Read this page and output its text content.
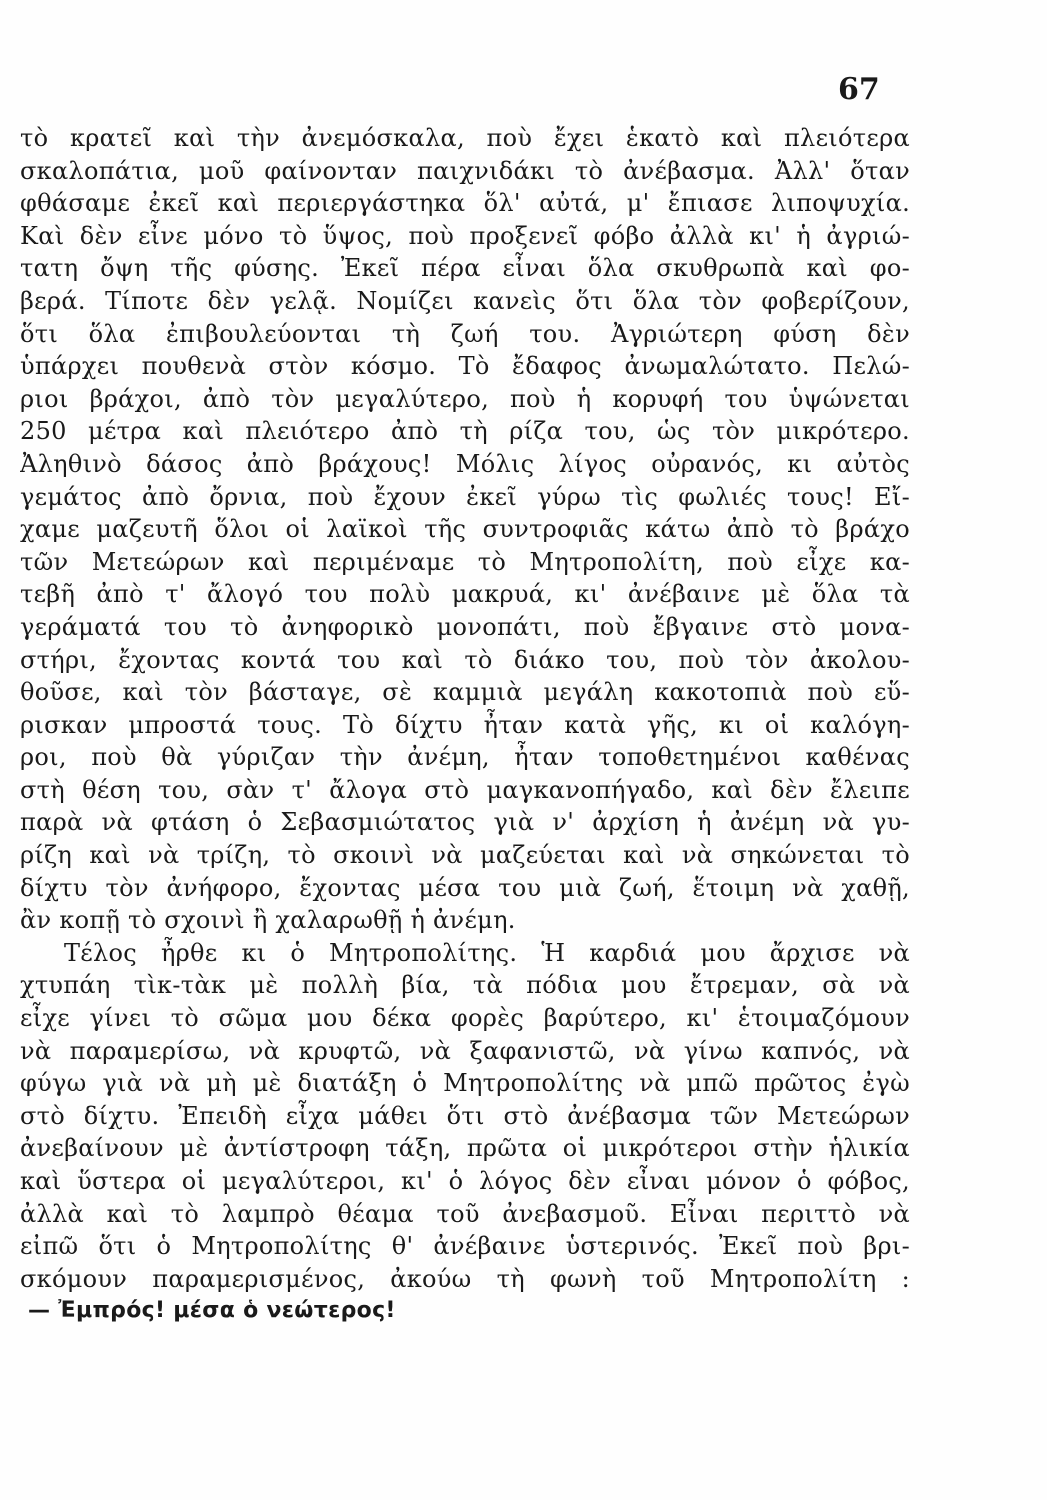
67
τὸ κρατεῖ καὶ τὴν ἀνεμόσκαλα, ποὺ ἔχει ἑκατὸ καὶ πλειότερα
σκαλοπάτια, μοῦ φαίνονταν παιχνιδάκι τὸ ἀνέβασμα. Ἀλλ' ὅταν
φθάσαμε ἐκεῖ καὶ περιεργάστηκα ὅλ' αὐτά, μ' ἔπιασε λιποψυχία.
Καὶ δὲν εἶνε μόνο τὸ ὕψος, ποὺ προξενεῖ φόβο ἀλλὰ κι' ἡ ἀγριώ-
τατη ὄψη τῆς φύσης. Ἐκεῖ πέρα εἶναι ὅλα σκυθρωπὰ καὶ φο-
βερά. Τίποτε δὲν γελᾷ. Νομίζει κανεὶς ὅτι ὅλα τὸν φοβερίζουν,
ὅτι ὅλα ἐπιβουλεύονται τὴ ζωή του. Ἀγριώτερη φύση δὲν
ὑπάρχει πουθενὰ στὸν κόσμο. Τὸ ἔδαφος ἀνωμαλώτατο. Πελώ-
ριοι βράχοι, ἀπὸ τὸν μεγαλύτερο, ποὺ ἡ κορυφή του ὑψώνεται
250 μέτρα καὶ πλειότερο ἀπὸ τὴ ρίζα του, ὡς τὸν μικρότερο.
Ἀληθινὸ δάσος ἀπὸ βράχους! Μόλις λίγος οὐρανός, κι αὐτὸς
γεμάτος ἀπὸ ὄρνια, ποὺ ἔχουν ἐκεῖ γύρω τὶς φωλιές τους! Εἴ-
χαμε μαζευτῆ ὅλοι οἱ λαϊκοὶ τῆς συντροφιᾶς κάτω ἀπὸ τὸ βράχο
τῶν Μετεώρων καὶ περιμέναμε τὸ Μητροπολίτη, ποὺ εἶχε κα-
τεβῆ ἀπὸ τ' ἄλογό του πολὺ μακρυά, κι' ἀνέβαινε μὲ ὅλα τὰ
γεράματά του τὸ ἀνηφορικὸ μονοπάτι, ποὺ ἔβγαινε στὸ μονα-
στήρι, ἔχοντας κοντά του καὶ τὸ διάκο του, ποὺ τὸν ἀκολου-
θοῦσε, καὶ τὸν βάσταγε, σὲ καμμιὰ μεγάλη κακοτοπιὰ ποὺ εὕ-
ρισκαν μπροστά τους. Τὸ δίχτυ ἦταν κατὰ γῆς, κι οἱ καλόγη-
ροι, ποὺ θὰ γύριζαν τὴν ἀνέμη, ἦταν τοποθετημένοι καθένας
στὴ θέση του, σὰν τ' ἄλογα στὸ μαγκανοπήγαδο, καὶ δὲν ἔλειπε
παρὰ νὰ φτάση ὁ Σεβασμιώτατος γιὰ ν' ἀρχίση ἡ ἀνέμη νὰ γυ-
ρίζη καὶ νὰ τρίζη, τὸ σκοινὶ νὰ μαζεύεται καὶ νὰ σηκώνεται τὸ
δίχτυ τὸν ἀνήφορο, ἔχοντας μέσα του μιὰ ζωή, ἕτοιμη νὰ χαθῇ,
ἂν κοπῇ τὸ σχοινὶ ἢ χαλαρωθῇ ἡ ἀνέμη.
Τέλος ἦρθε κι ὁ Μητροπολίτης. Ἡ καρδιά μου ἄρχισε νὰ
χτυπάη τὶκ-τὰκ μὲ πολλὴ βία, τὰ πόδια μου ἔτρεμαν, σὰ νὰ
εἶχε γίνει τὸ σῶμα μου δέκα φορὲς βαρύτερο, κι' ἑτοιμαζόμουν
νὰ παραμερίσω, νὰ κρυφτῶ, νὰ ξαφανιστῶ, νὰ γίνω καπνός, νὰ
φύγω γιὰ νὰ μὴ μὲ διατάξη ὁ Μητροπολίτης νὰ μπῶ πρῶτος ἐγὼ
στὸ δίχτυ. Ἐπειδὴ εἶχα μάθει ὅτι στὸ ἀνέβασμα τῶν Μετεώρων
ἀνεβαίνουν μὲ ἀντίστροφη τάξη, πρῶτα οἱ μικρότεροι στὴν ἡλικία
καὶ ὕστερα οἱ μεγαλύτεροι, κι' ὁ λόγος δὲν εἶναι μόνον ὁ φόβος,
ἀλλὰ καὶ τὸ λαμπρὸ θέαμα τοῦ ἀνεβασμοῦ. Εἶναι περιττὸ νὰ
εἰπῶ ὅτι ὁ Μητροπολίτης θ' ἀνέβαινε ὑστερινός. Ἐκεῖ ποὺ βρι-
σκόμουν παραμερισμένος, ἀκούω τὴ φωνὴ τοῦ Μητροπολίτη :
— Ἐμπρός! μέσα ὁ νεώτερος!
